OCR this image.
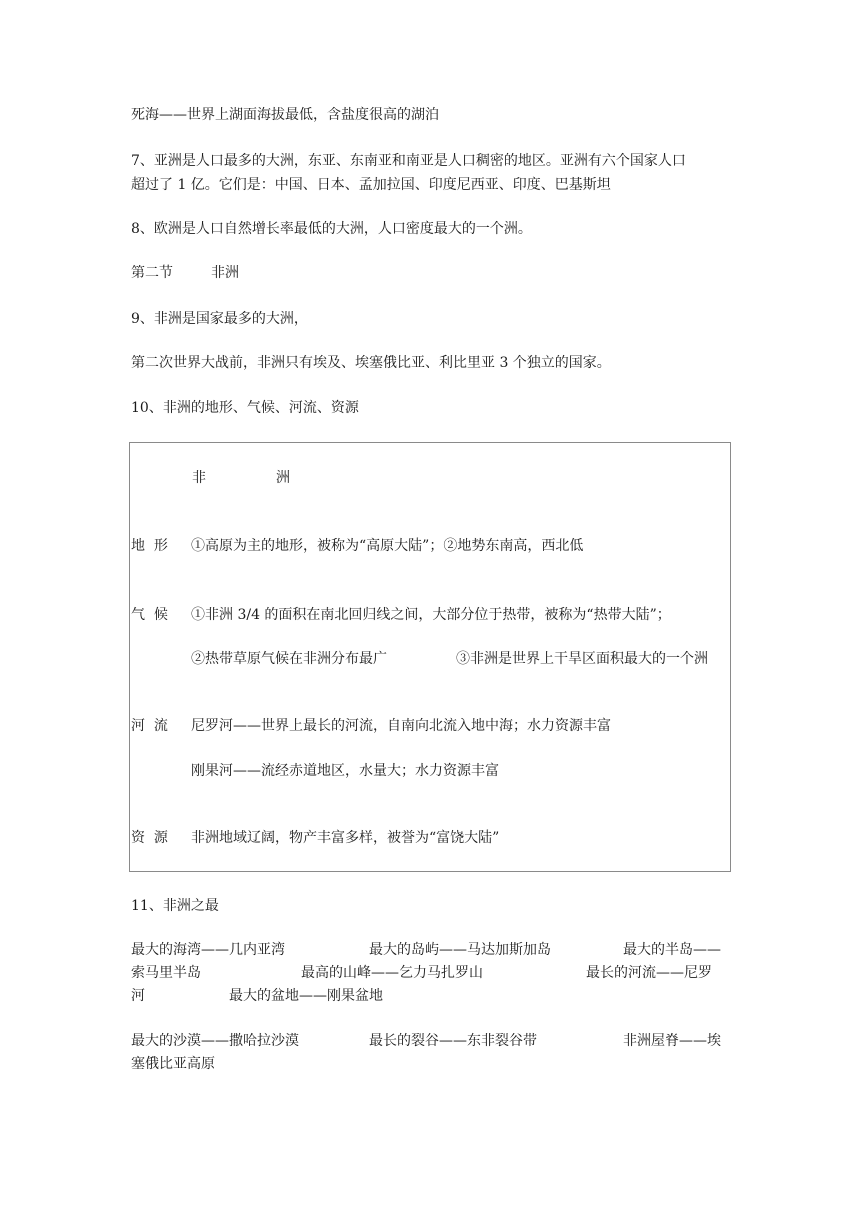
死海——世界上湖面海拔最低，含盐度很高的湖泊
7、亚洲是人口最多的大洲，东亚、东南亚和南亚是人口稠密的地区。亚洲有六个国家人口
超过了 1 亿。它们是：中国、日本、孟加拉国、印度尼西亚、印度、巴基斯坦
8、欧洲是人口自然增长率最低的大洲，人口密度最大的一个洲。
第二节	非洲
9、非洲是国家最多的大洲，
第二次世界大战前，非洲只有埃及、埃塞俄比亚、利比里亚 3 个独立的国家。
10、非洲的地形、气候、河流、资源
非	洲
地  形 ①高原为主的地形，被称为“高原大陆”；②地势东南高，西北低
气  候 ①非洲 3/4 的面积在南北回归线之间，大部分位于热带，被称为“热带大陆”；
②热带草原气候在非洲分布最广	③非洲是世界上干旱区面积最大的一个洲
河  流 尼罗河——世界上最长的河流，自南向北流入地中海；水力资源丰富
刚果河——流经赤道地区，水量大；水力资源丰富
资  源 非洲地域辽阔，物产丰富多样，被誉为“富饶大陆”
11、非洲之最
最大的海湾——几内亚湾	最大的岛屿——马达加斯加岛	最大的半岛——
索马里半岛	最高的山峰——乞力马扎罗山	最长的河流——尼罗
河	最大的盆地——刚果盆地
最大的沙漠——撒哈拉沙漠	最长的裂谷——东非裂谷带	非洲屋脊——埃
塞俄比亚高原
